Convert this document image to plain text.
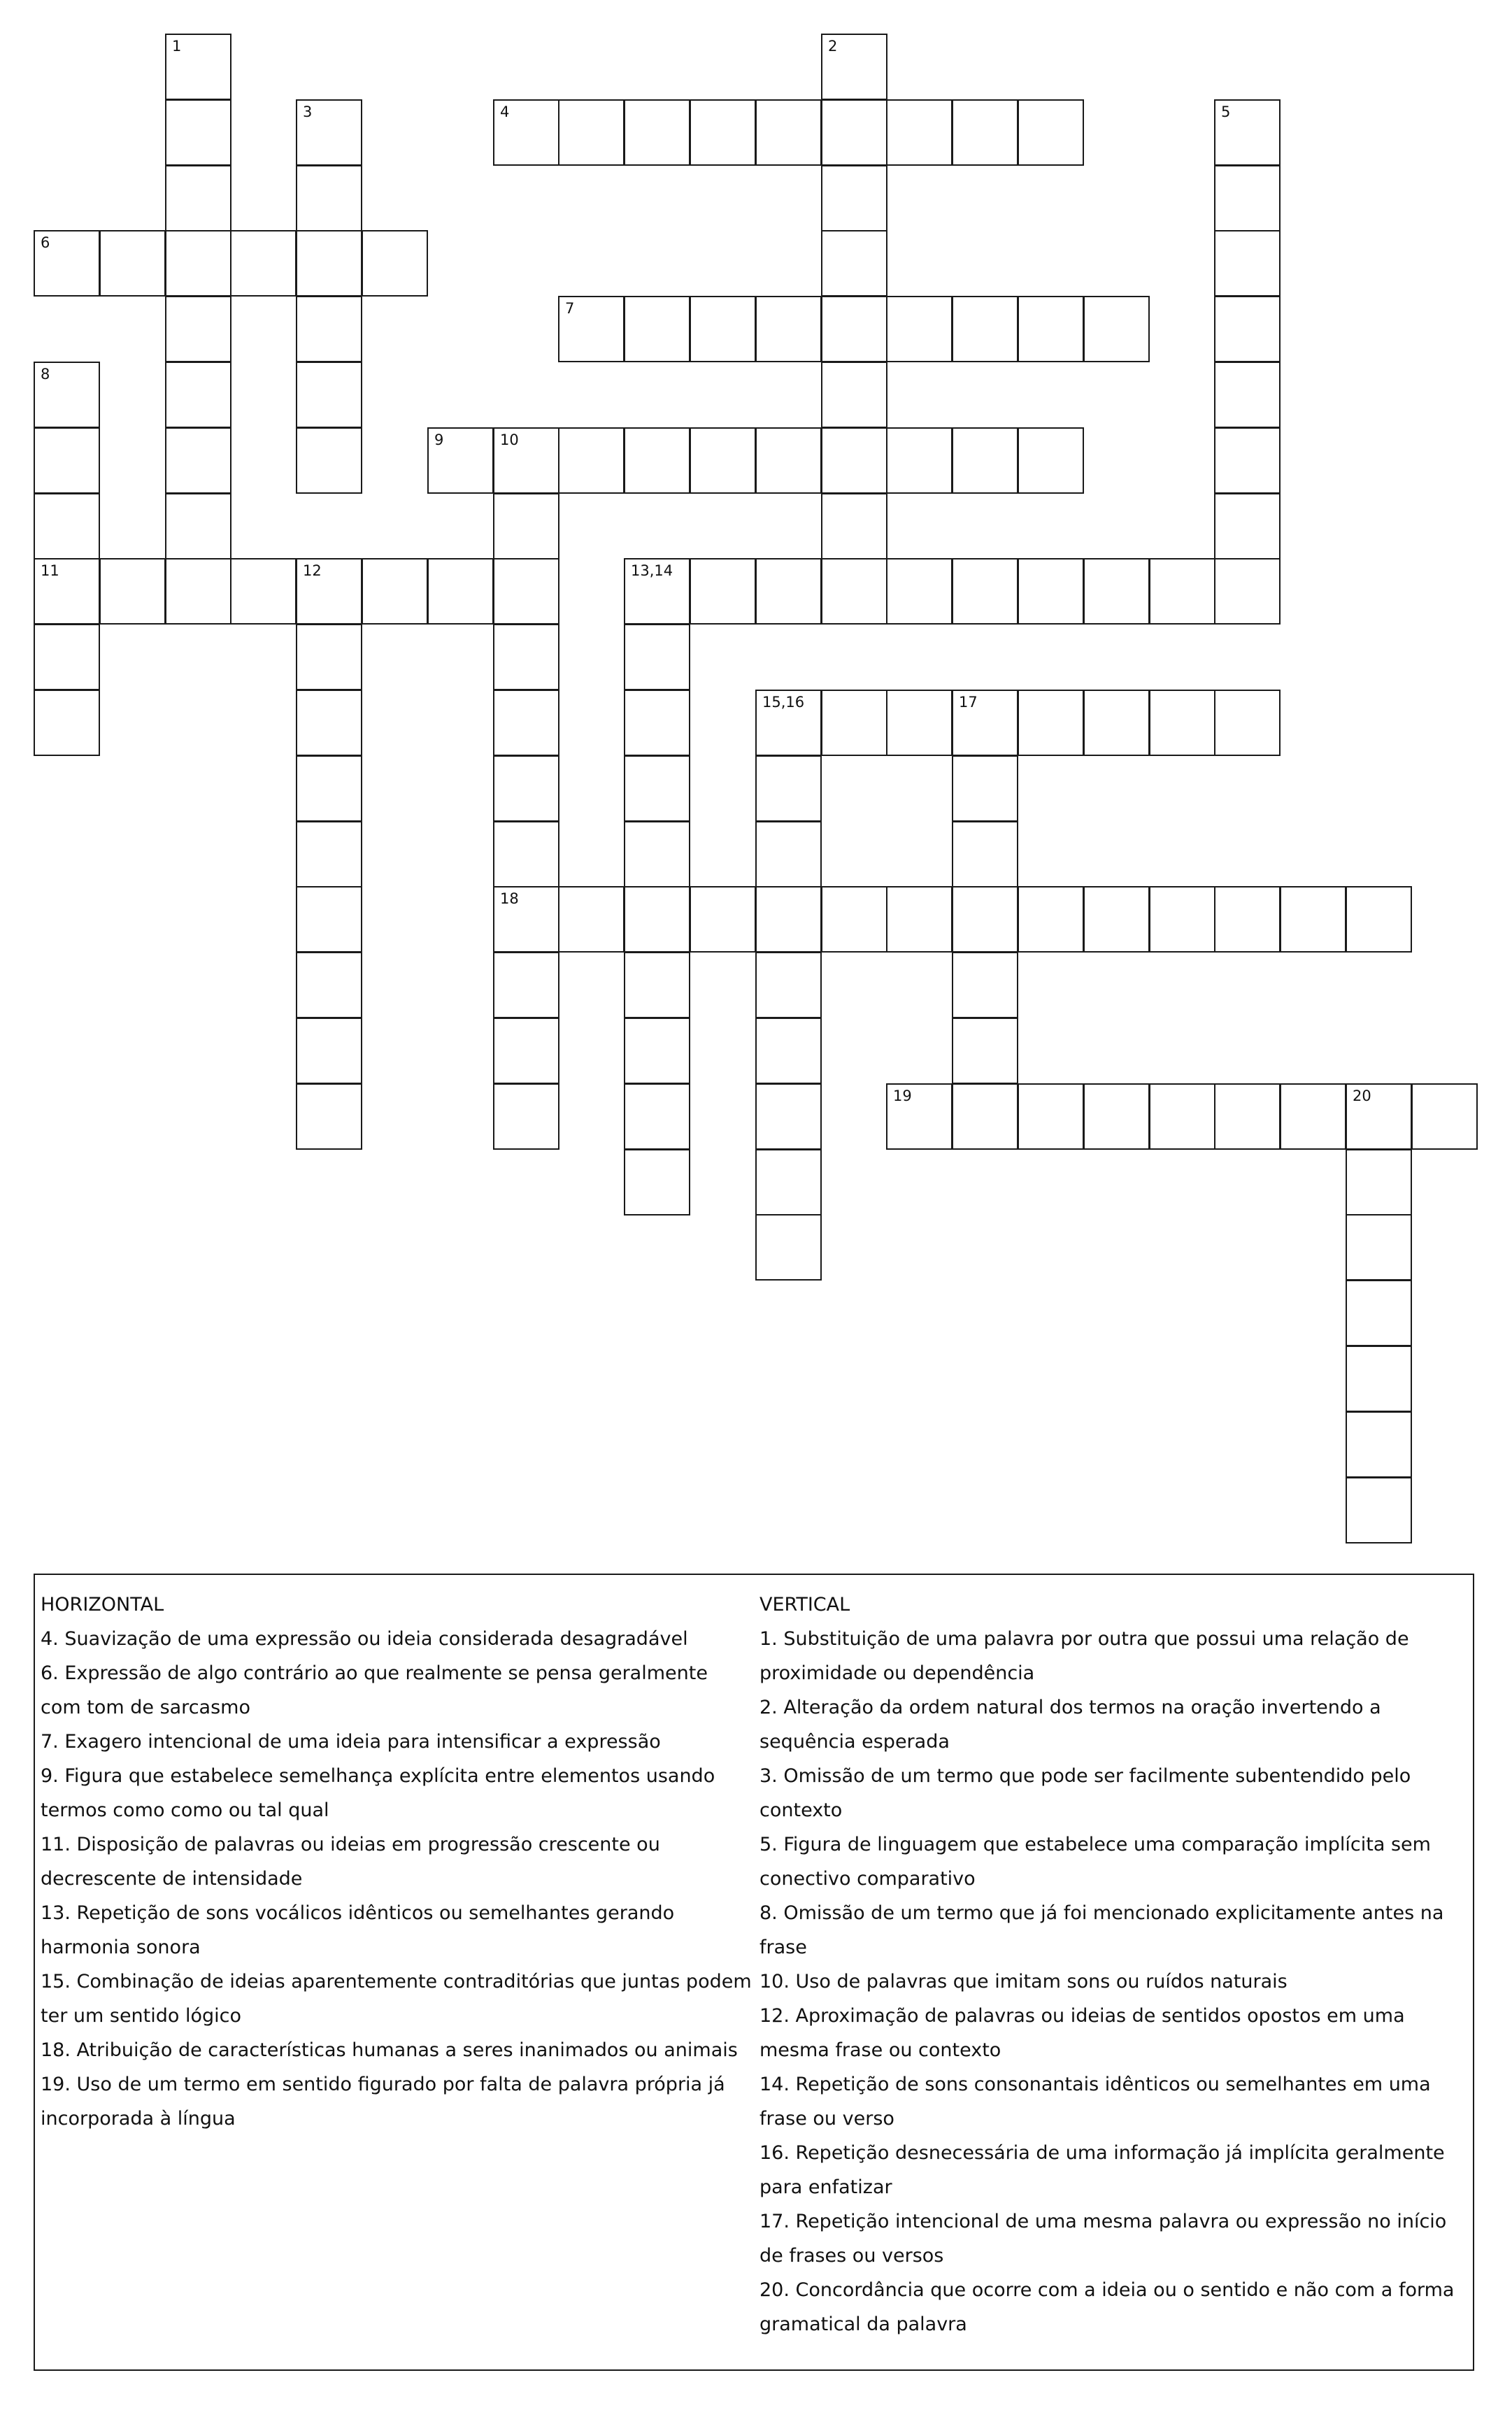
4
6
7
9	10
11	12	13,14
15,16	17
18
19	20
1	2
3	5
8
HORIZONTAL
4. Suavização de uma expressão ou ideia considerada desagradável
6. Expressão de algo contrário ao que realmente se pensa geralmente com tom de sarcasmo
7. Exagero intencional de uma ideia para intensificar a expressão
9. Figura que estabelece semelhança explícita entre elementos usando termos como como ou tal qual
11. Disposição de palavras ou ideias em progressão crescente ou decrescente de intensidade
13. Repetição de sons vocálicos idênticos ou semelhantes gerando harmonia sonora
15. Combinação de ideias aparentemente contraditórias que juntas podem ter um sentido lógico
18. Atribuição de características humanas a seres inanimados ou animais
19. Uso de um termo em sentido figurado por falta de palavra própria já incorporada à língua
VERTICAL
1. Substituição de uma palavra por outra que possui uma relação de proximidade ou dependência
2. Alteração da ordem natural dos termos na oração invertendo a sequência esperada
3. Omissão de um termo que pode ser facilmente subentendido pelo contexto
5. Figura de linguagem que estabelece uma comparação implícita sem conectivo comparativo
8. Omissão de um termo que já foi mencionado explicitamente antes na frase
10. Uso de palavras que imitam sons ou ruídos naturais
12. Aproximação de palavras ou ideias de sentidos opostos em uma mesma frase ou contexto
14. Repetição de sons consonantais idênticos ou semelhantes em uma frase ou verso
16. Repetição desnecessária de uma informação já implícita geralmente para enfatizar
17. Repetição intencional de uma mesma palavra ou expressão no início de frases ou versos
20. Concordância que ocorre com a ideia ou o sentido e não com a forma gramatical da palavra
